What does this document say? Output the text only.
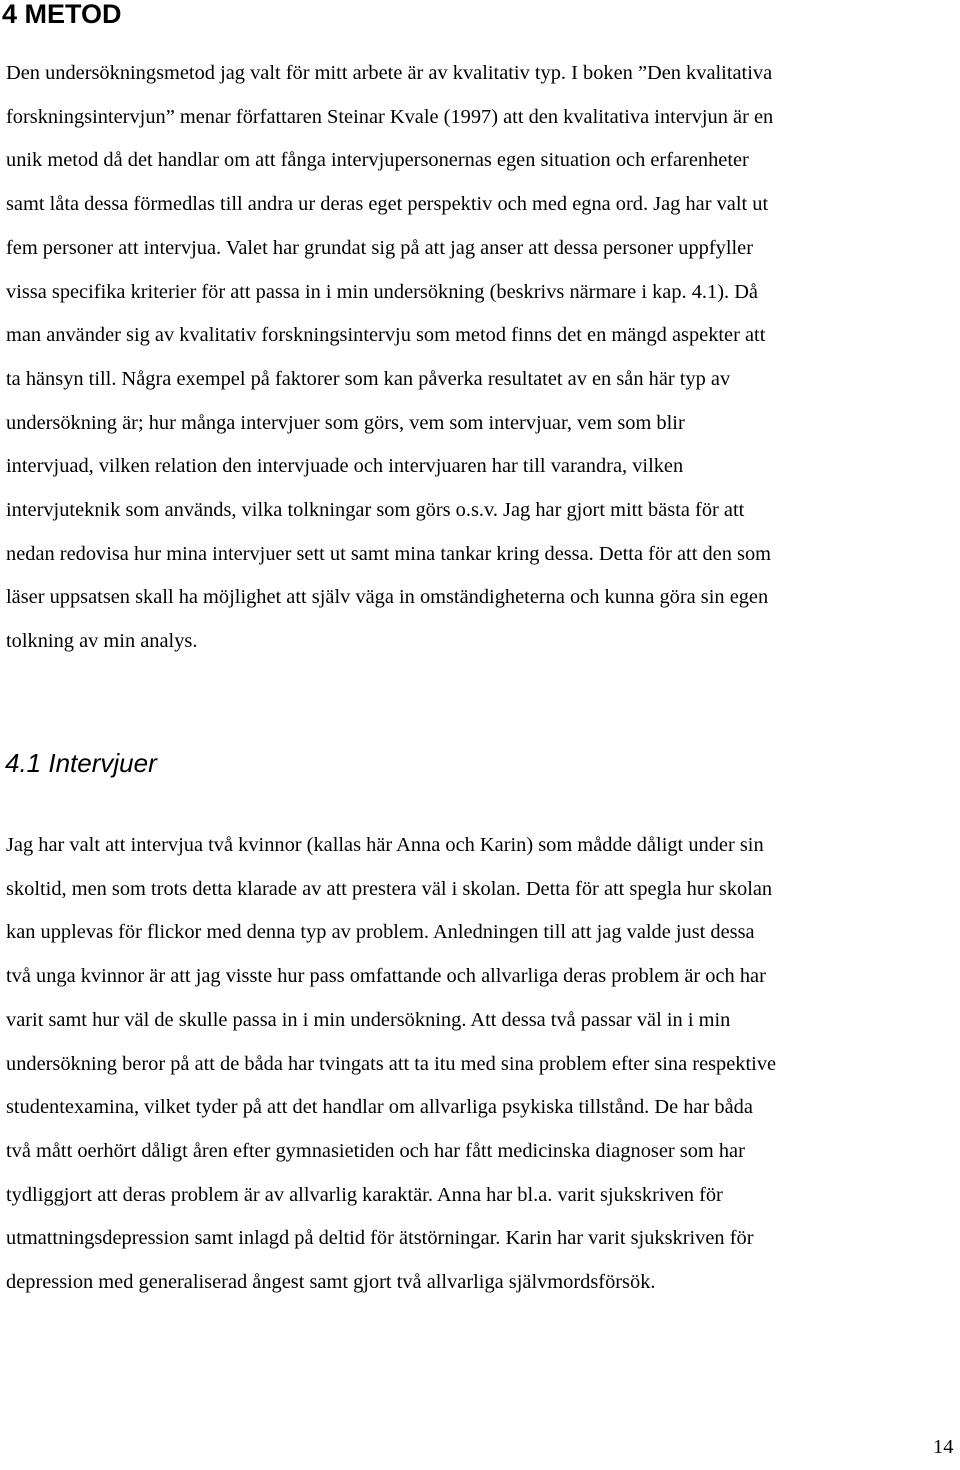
4 METOD

Den undersökningsmetod jag valt för mitt arbete är av kvalitativ typ. I boken ”Den kvalitativa
forskningsintervjun” menar författaren Steinar Kvale (1997) att den kvalitativa intervjun är en
unik metod då det handlar om att fånga intervjupersonernas egen situation och erfarenheter
samt låta dessa förmedlas till andra ur deras eget perspektiv och med egna ord. Jag har valt ut
fem personer att intervjua. Valet har grundat sig på att jag anser att dessa personer uppfyller
vissa specifika kriterier för att passa in i min undersökning (beskrivs närmare i kap. 4.1). Då
man använder sig av kvalitativ forskningsintervju som metod finns det en mängd aspekter att
ta hänsyn till. Några exempel på faktorer som kan påverka resultatet av en sån här typ av
undersökning är; hur många intervjuer som görs, vem som intervjuar, vem som blir
intervjuad, vilken relation den intervjuade och intervjuaren har till varandra, vilken
intervjuteknik som används, vilka tolkningar som görs o.s.v. Jag har gjort mitt bästa för att
nedan redovisa hur mina intervjuer sett ut samt mina tankar kring dessa. Detta för att den som
läser uppsatsen skall ha möjlighet att själv väga in omständigheterna och kunna göra sin egen
tolkning av min analys.

4.1 Intervjuer

Jag har valt att intervjua två kvinnor (kallas här Anna och Karin) som mådde dåligt under sin
skoltid, men som trots detta klarade av att prestera väl i skolan. Detta för att spegla hur skolan
kan upplevas för flickor med denna typ av problem. Anledningen till att jag valde just dessa
två unga kvinnor är att jag visste hur pass omfattande och allvarliga deras problem är och har
varit samt hur väl de skulle passa in i min undersökning. Att dessa två passar väl in i min
undersökning beror på att de båda har tvingats att ta itu med sina problem efter sina respektive
studentexamina, vilket tyder på att det handlar om allvarliga psykiska tillstånd. De har båda
två mått oerhört dåligt åren efter gymnasietiden och har fått medicinska diagnoser som har
tydliggjort att deras problem är av allvarlig karaktär. Anna har bl.a. varit sjukskriven för
utmattningsdepression samt inlagd på deltid för ätstörningar. Karin har varit sjukskriven för
depression med generaliserad ångest samt gjort två allvarliga självmordsförsök.

14
